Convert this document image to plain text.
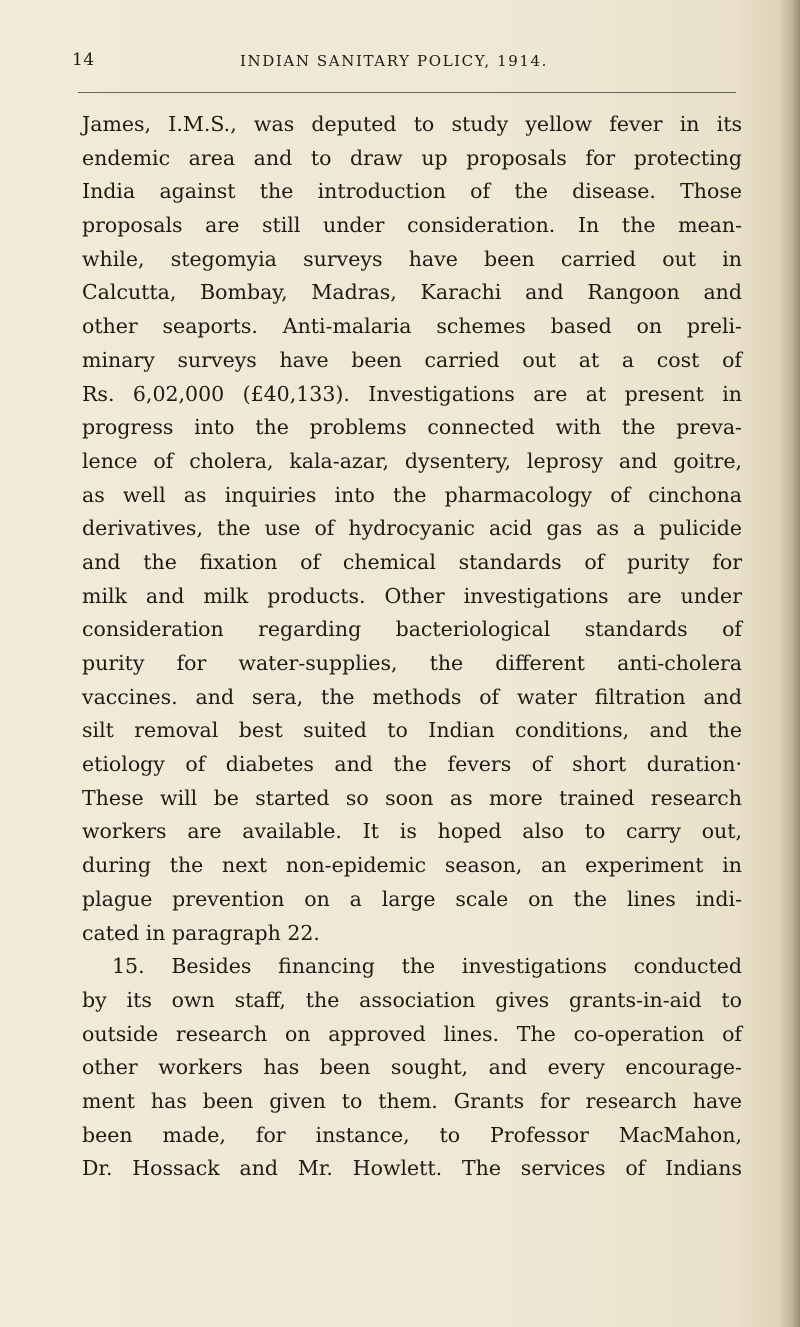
14	INDIAN SANITARY POLICY, 1914.
James, I.M.S., was deputed to study yellow fever in its
endemic area and to draw up proposals for protecting
India against the introduction of the disease. Those
proposals are still under consideration. In the mean-
while, stegomyia surveys have been carried out in
Calcutta, Bombay, Madras, Karachi and Rangoon and
other seaports. Anti-malaria schemes based on preli-
minary surveys have been carried out at a cost of
Rs. 6,02,000 (£40,133). Investigations are at present in
progress into the problems connected with the preva-
lence of cholera, kala-azar, dysentery, leprosy and goitre,
as well as inquiries into the pharmacology of cinchona
derivatives, the use of hydrocyanic acid gas as a pulicide
and the fixation of chemical standards of purity for
milk and milk products. Other investigations are under
consideration regarding bacteriological standards of
purity for water-supplies, the different anti-cholera
vaccines. and sera, the methods of water filtration and
silt removal best suited to Indian conditions, and the
etiology of diabetes and the fevers of short duration·
These will be started so soon as more trained research
workers are available. It is hoped also to carry out,
during the next non-epidemic season, an experiment in
plague prevention on a large scale on the lines indi-
cated in paragraph 22.
15. Besides financing the investigations conducted
by its own staff, the association gives grants-in-aid to
outside research on approved lines. The co-operation of
other workers has been sought, and every encourage-
ment has been given to them. Grants for research have
been made, for instance, to Professor MacMahon,
Dr. Hossack and Mr. Howlett. The services of Indians
